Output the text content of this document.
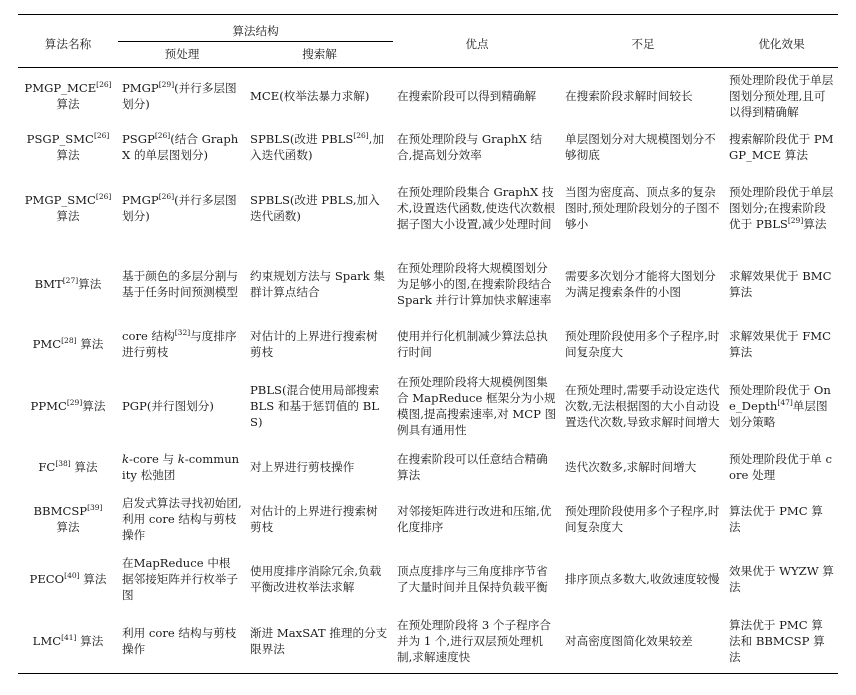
算法名称	算法结构		优点	不足	优化效果
	预处理	搜索解			
PMGP_MCE[26]
算法	PMGP[29](并行多层图划分)	MCE(枚举法暴力求解)	在搜索阶段可以得到精确解	在搜索阶段求解时间较长	预处理阶段优于单层图划分预处理,且可以得到精确解
PSGP_SMC[26]
算法	PSGP[26](结合 GraphX 的单层图划分)	SPBLS(改进 PBLS[26],加入迭代函数)	在预处理阶段与 GraphX 结合,提高划分效率	单层图划分对大规模图划分不够彻底	搜索解阶段优于 PMGP_MCE 算法
PMGP_SMC[26]
算法	PMGP[26](并行多层图划分)	SPBLS(改进 PBLS,加入迭代函数)	在预处理阶段集合 GraphX 技术,设置迭代函数,使迭代次数根据子图大小设置,减少处理时间	当图为密度高、顶点多的复杂图时,预处理阶段划分的子图不够小	预处理阶段优于单层图划分;在搜索阶段优于 PBLS[29]算法
BMT[27]算法	基于颜色的多层分割与基于任务时间预测模型	约束规划方法与 Spark 集群计算点结合	在预处理阶段将大规模图划分为足够小的图,在搜索阶段结合 Spark 并行计算加快求解速率	需要多次划分才能将大图划分为满足搜索条件的小图	求解效果优于 BMC 算法
PMC[28] 算法	core 结构[32]与度排序进行剪枝	对估计的上界进行搜索树剪枝	使用并行化机制减少算法总执行时间	预处理阶段使用多个子程序,时间复杂度大	求解效果优于 FMC 算法
PPMC[29]算法	PGP(并行图划分)	PBLS(混合使用局部搜索 BLS 和基于惩罚值的 BLS)	在预处理阶段将大规模例图集合 MapReduce 框架分为小规模图,提高搜索速率,对 MCP 图例具有通用性	在预处理时,需要手动设定迭代次数,无法根据图的大小自动设置迭代次数,导致求解时间增大	预处理阶段优于 One_Depth[47]单层图划分策略
FC[38] 算法	k-core 与 k-community 松弛团	对上界进行剪枝操作	在搜索阶段可以任意结合精确算法	迭代次数多,求解时间增大	预处理阶段优于单 core 处理
BBMCSP[39]
算法	启发式算法寻找初始团,利用 core 结构与剪枝操作	对估计的上界进行搜索树剪枝	对邻接矩阵进行改进和压缩,优化度排序	预处理阶段使用多个子程序,时间复杂度大	算法优于 PMC 算法
PECO[40] 算法	在MapReduce 中根据邻接矩阵并行枚举子图	使用度排序消除冗余,负载平衡改进枚举法求解	顶点度排序与三角度排序节省了大量时间并且保持负载平衡	排序顶点多数大,收敛速度较慢	效果优于 WYZW 算法
LMC[41] 算法	利用 core 结构与剪枝操作	渐进 MaxSAT 推理的分支限界法	在预处理阶段将 3 个子程序合并为 1 个,进行双层预处理机制,求解速度快	对高密度图简化效果较差	算法优于 PMC 算法和 BBMCSP 算法
